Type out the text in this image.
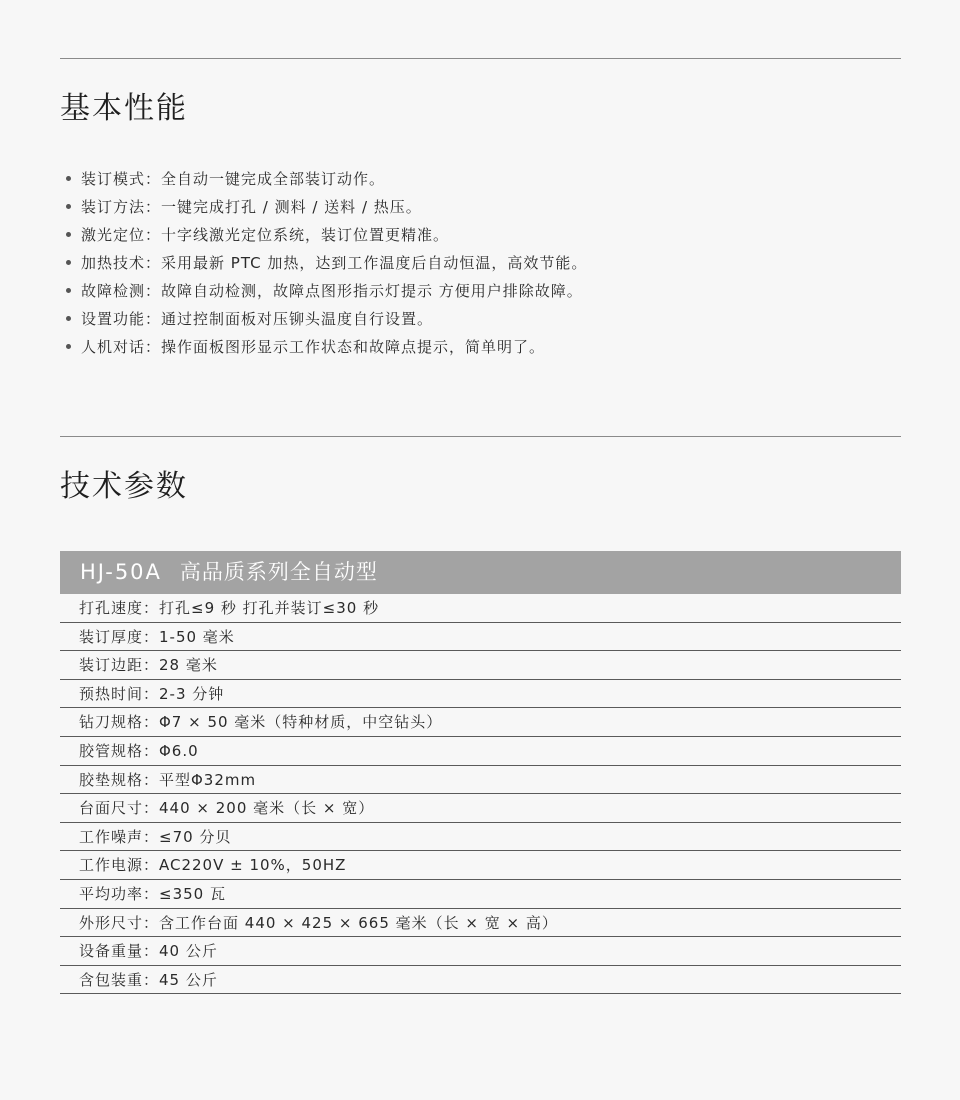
基本性能
装订模式：全自动一键完成全部装订动作。
装订方法：一键完成打孔 / 测料 / 送料 / 热压。
激光定位：十字线激光定位系统，装订位置更精准。
加热技术：采用最新 PTC 加热，达到工作温度后自动恒温，高效节能。
故障检测：故障自动检测，故障点图形指示灯提示 方便用户排除故障。
设置功能：通过控制面板对压铆头温度自行设置。
人机对话：操作面板图形显示工作状态和故障点提示，简单明了。
技术参数
HJ-50A 高品质系列全自动型
打孔速度：打孔≤9 秒 打孔并装订≤30 秒
装订厚度：1-50 毫米
装订边距：28 毫米
预热时间：2-3 分钟
钻刀规格：Φ7 × 50 毫米（特种材质，中空钻头）
胶管规格：Φ6.0
胶垫规格：平型Φ32mm
台面尺寸：440 × 200 毫米（长 × 宽）
工作噪声：≤70 分贝
工作电源：AC220V ± 10%，50HZ
平均功率：≤350 瓦
外形尺寸：含工作台面 440 × 425 × 665 毫米（长 × 宽 × 高）
设备重量：40 公斤
含包装重：45 公斤
